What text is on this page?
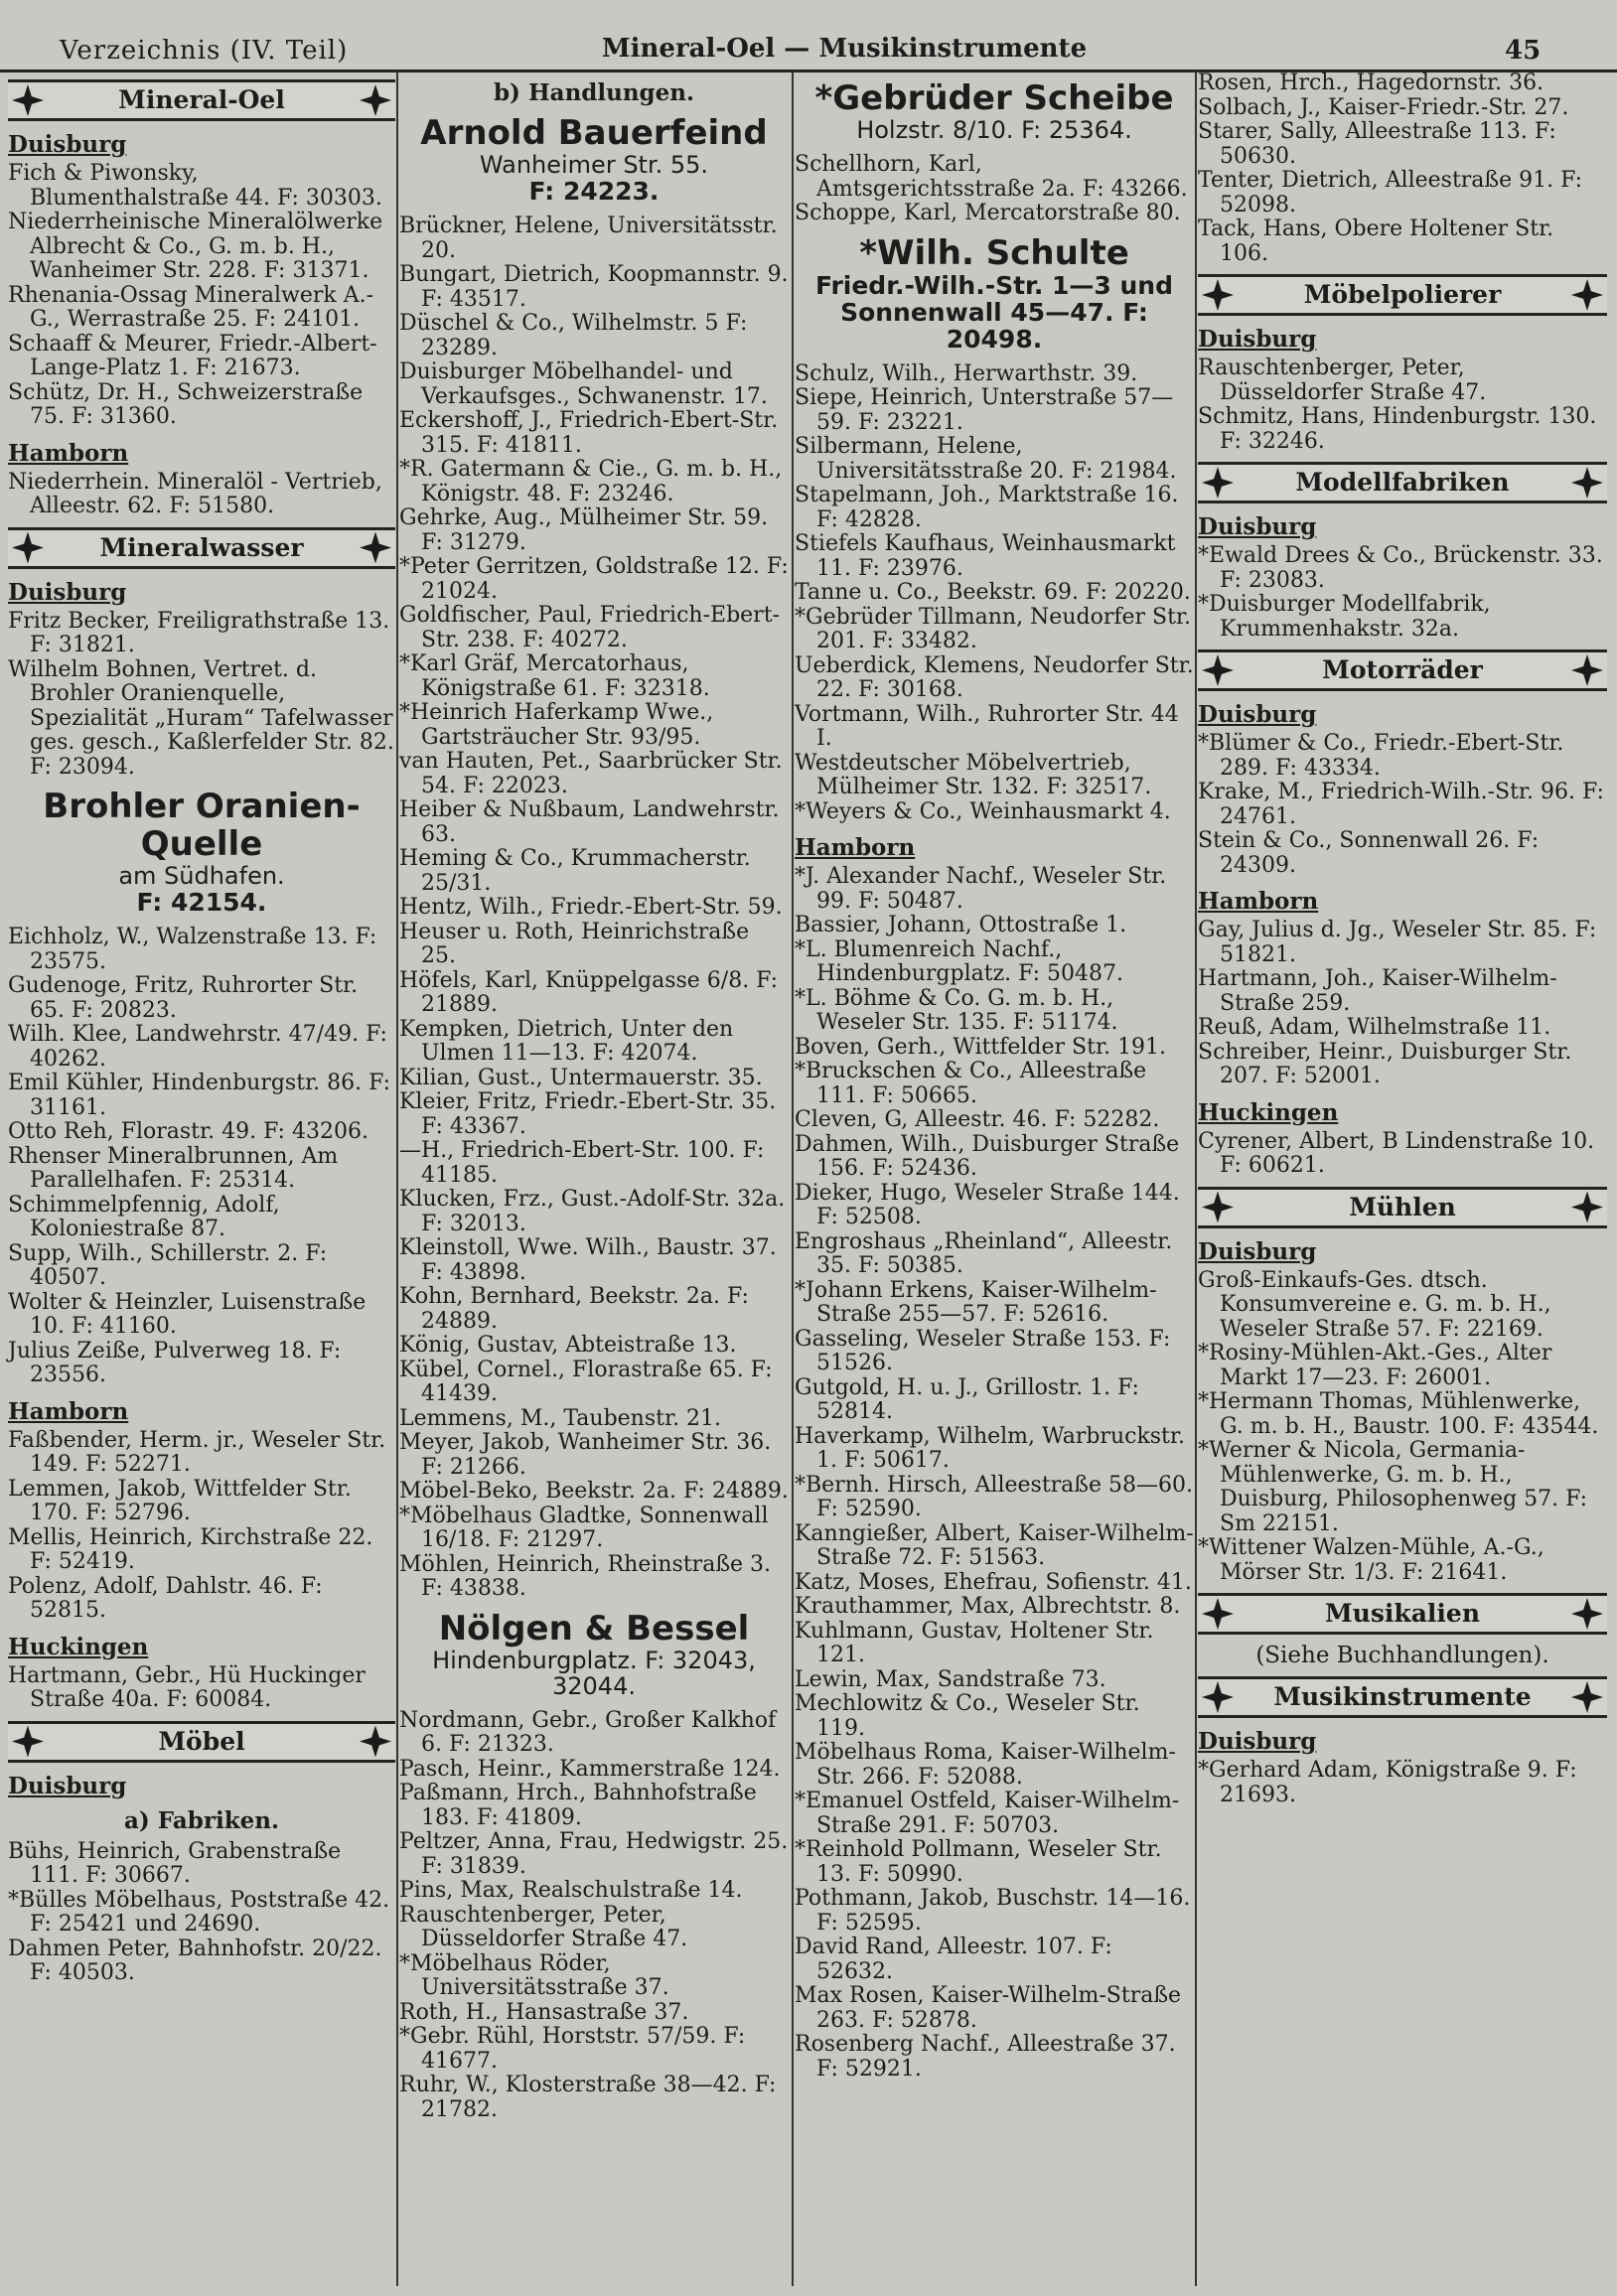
Verzeichnis (IV. Teil)	Mineral-Oel — Musikinstrumente	45
Mineral-Oel
Duisburg
Fich & Piwonsky, Blumenthalstraße 44. F: 30303.
Niederrheinische Mineralölwerke Albrecht & Co., G. m. b. H., Wanheimer Str. 228. F: 31371.
Rhenania-Ossag Mineralwerk A.-G., Werrastraße 25. F: 24101.
Schaaff & Meurer, Friedr.-Albert-Lange-Platz 1. F: 21673.
Schütz, Dr. H., Schweizerstraße 75. F: 31360.
Hamborn
Niederrhein. Mineralöl - Vertrieb, Alleestr. 62. F: 51580.
Mineralwasser
Duisburg
Fritz Becker, Freiligrathstraße 13. F: 31821.
Wilhelm Bohnen, Vertret. d. Brohler Oranienquelle, Spezialität „Huram“ Tafelwasser ges. gesch., Kaßlerfelder Str. 82. F: 23094.
Brohler Oranien-Quelle
am Südhafen.
F: 42154.
Eichholz, W., Walzenstraße 13. F: 23575.
Gudenoge, Fritz, Ruhrorter Str. 65. F: 20823.
Wilh. Klee, Landwehrstr. 47/49. F: 40262.
Emil Kühler, Hindenburgstr. 86. F: 31161.
Otto Reh, Florastr. 49. F: 43206.
Rhenser Mineralbrunnen, Am Parallelhafen. F: 25314.
Schimmelpfennig, Adolf, Koloniestraße 87.
Supp, Wilh., Schillerstr. 2. F: 40507.
Wolter & Heinzler, Luisenstraße 10. F: 41160.
Julius Zeiße, Pulverweg 18. F: 23556.
Hamborn
Faßbender, Herm. jr., Weseler Str. 149. F: 52271.
Lemmen, Jakob, Wittfelder Str. 170. F: 52796.
Mellis, Heinrich, Kirchstraße 22. F: 52419.
Polenz, Adolf, Dahlstr. 46. F: 52815.
Huckingen
Hartmann, Gebr., Hü Huckinger Straße 40a. F: 60084.
Möbel
Duisburg
a) Fabriken.
Bühs, Heinrich, Grabenstraße 111. F: 30667.
*Bülles Möbelhaus, Poststraße 42. F: 25421 und 24690.
Dahmen Peter, Bahnhofstr. 20/22. F: 40503.
b) Handlungen.
Arnold Bauerfeind
Wanheimer Str. 55.
F: 24223.
Brückner, Helene, Universitätsstr. 20.
Bungart, Dietrich, Koopmannstr. 9. F: 43517.
Düschel & Co., Wilhelmstr. 5 F: 23289.
Duisburger Möbelhandel- und Verkaufsges., Schwanenstr. 17.
Eckershoff, J., Friedrich-Ebert-Str. 315. F: 41811.
*R. Gatermann & Cie., G. m. b. H., Königstr. 48. F: 23246.
Gehrke, Aug., Mülheimer Str. 59. F: 31279.
*Peter Gerritzen, Goldstraße 12. F: 21024.
Goldfischer, Paul, Friedrich-Ebert-Str. 238. F: 40272.
*Karl Gräf, Mercatorhaus, Königstraße 61. F: 32318.
*Heinrich Haferkamp Wwe., Gartsträucher Str. 93/95.
van Hauten, Pet., Saarbrücker Str. 54. F: 22023.
Heiber & Nußbaum, Landwehrstr. 63.
Heming & Co., Krummacherstr. 25/31.
Hentz, Wilh., Friedr.-Ebert-Str. 59.
Heuser u. Roth, Heinrichstraße 25.
Höfels, Karl, Knüppelgasse 6/8. F: 21889.
Kempken, Dietrich, Unter den Ulmen 11—13. F: 42074.
Kilian, Gust., Untermauerstr. 35.
Kleier, Fritz, Friedr.-Ebert-Str. 35. F: 43367.
—H., Friedrich-Ebert-Str. 100. F: 41185.
Klucken, Frz., Gust.-Adolf-Str. 32a. F: 32013.
Kleinstoll, Wwe. Wilh., Baustr. 37. F: 43898.
Kohn, Bernhard, Beekstr. 2a. F: 24889.
König, Gustav, Abteistraße 13.
Kübel, Cornel., Florastraße 65. F: 41439.
Lemmens, M., Taubenstr. 21.
Meyer, Jakob, Wanheimer Str. 36. F: 21266.
Möbel-Beko, Beekstr. 2a. F: 24889.
*Möbelhaus Gladtke, Sonnenwall 16/18. F: 21297.
Möhlen, Heinrich, Rheinstraße 3. F: 43838.
Nölgen & Bessel
Hindenburgplatz. F: 32043, 32044.
Nordmann, Gebr., Großer Kalkhof 6. F: 21323.
Pasch, Heinr., Kammerstraße 124.
Paßmann, Hrch., Bahnhofstraße 183. F: 41809.
Peltzer, Anna, Frau, Hedwigstr. 25. F: 31839.
Pins, Max, Realschulstraße 14.
Rauschtenberger, Peter, Düsseldorfer Straße 47.
*Möbelhaus Röder, Universitätsstraße 37.
Roth, H., Hansastraße 37.
*Gebr. Rühl, Horststr. 57/59. F: 41677.
Ruhr, W., Klosterstraße 38—42. F: 21782.
*Gebrüder Scheibe
Holzstr. 8/10. F: 25364.
Schellhorn, Karl, Amtsgerichtsstraße 2a. F: 43266.
Schoppe, Karl, Mercatorstraße 80.
*Wilh. Schulte
Friedr.-Wilh.-Str. 1—3 und
Sonnenwall 45—47. F: 20498.
Schulz, Wilh., Herwarthstr. 39.
Siepe, Heinrich, Unterstraße 57—59. F: 23221.
Silbermann, Helene, Universitätsstraße 20. F: 21984.
Stapelmann, Joh., Marktstraße 16. F: 42828.
Stiefels Kaufhaus, Weinhausmarkt 11. F: 23976.
Tanne u. Co., Beekstr. 69. F: 20220.
*Gebrüder Tillmann, Neudorfer Str. 201. F: 33482.
Ueberdick, Klemens, Neudorfer Str. 22. F: 30168.
Vortmann, Wilh., Ruhrorter Str. 44 I.
Westdeutscher Möbelvertrieb, Mülheimer Str. 132. F: 32517.
*Weyers & Co., Weinhausmarkt 4.
Hamborn
*J. Alexander Nachf., Weseler Str. 99. F: 50487.
Bassier, Johann, Ottostraße 1.
*L. Blumenreich Nachf., Hindenburgplatz. F: 50487.
*L. Böhme & Co. G. m. b. H., Weseler Str. 135. F: 51174.
Boven, Gerh., Wittfelder Str. 191.
*Bruckschen & Co., Alleestraße 111. F: 50665.
Cleven, G, Alleestr. 46. F: 52282.
Dahmen, Wilh., Duisburger Straße 156. F: 52436.
Dieker, Hugo, Weseler Straße 144. F: 52508.
Engroshaus „Rheinland“, Alleestr. 35. F: 50385.
*Johann Erkens, Kaiser-Wilhelm-Straße 255—57. F: 52616.
Gasseling, Weseler Straße 153. F: 51526.
Gutgold, H. u. J., Grillostr. 1. F: 52814.
Haverkamp, Wilhelm, Warbruckstr. 1. F: 50617.
*Bernh. Hirsch, Alleestraße 58—60. F: 52590.
Kanngießer, Albert, Kaiser-Wilhelm-Straße 72. F: 51563.
Katz, Moses, Ehefrau, Sofienstr. 41.
Krauthammer, Max, Albrechtstr. 8.
Kuhlmann, Gustav, Holtener Str. 121.
Lewin, Max, Sandstraße 73.
Mechlowitz & Co., Weseler Str. 119.
Möbelhaus Roma, Kaiser-Wilhelm-Str. 266. F: 52088.
*Emanuel Ostfeld, Kaiser-Wilhelm-Straße 291. F: 50703.
*Reinhold Pollmann, Weseler Str. 13. F: 50990.
Pothmann, Jakob, Buschstr. 14—16. F: 52595.
David Rand, Alleestr. 107. F: 52632.
Max Rosen, Kaiser-Wilhelm-Straße 263. F: 52878.
Rosenberg Nachf., Alleestraße 37. F: 52921.
Rosen, Hrch., Hagedornstr. 36.
Solbach, J., Kaiser-Friedr.-Str. 27.
Starer, Sally, Alleestraße 113. F: 50630.
Tenter, Dietrich, Alleestraße 91. F: 52098.
Tack, Hans, Obere Holtener Str. 106.
Möbelpolierer
Duisburg
Rauschtenberger, Peter, Düsseldorfer Straße 47.
Schmitz, Hans, Hindenburgstr. 130. F: 32246.
Modellfabriken
Duisburg
*Ewald Drees & Co., Brückenstr. 33. F: 23083.
*Duisburger Modellfabrik, Krummenhakstr. 32a.
Motorräder
Duisburg
*Blümer & Co., Friedr.-Ebert-Str. 289. F: 43334.
Krake, M., Friedrich-Wilh.-Str. 96. F: 24761.
Stein & Co., Sonnenwall 26. F: 24309.
Hamborn
Gay, Julius d. Jg., Weseler Str. 85. F: 51821.
Hartmann, Joh., Kaiser-Wilhelm-Straße 259.
Reuß, Adam, Wilhelmstraße 11.
Schreiber, Heinr., Duisburger Str. 207. F: 52001.
Huckingen
Cyrener, Albert, B Lindenstraße 10. F: 60621.
Mühlen
Duisburg
Groß-Einkaufs-Ges. dtsch. Konsumvereine e. G. m. b. H., Weseler Straße 57. F: 22169.
*Rosiny-Mühlen-Akt.-Ges., Alter Markt 17—23. F: 26001.
*Hermann Thomas, Mühlenwerke, G. m. b. H., Baustr. 100. F: 43544.
*Werner & Nicola, Germania-Mühlenwerke, G. m. b. H., Duisburg, Philosophenweg 57. F: Sm 22151.
*Wittener Walzen-Mühle, A.-G., Mörser Str. 1/3. F: 21641.
Musikalien
(Siehe Buchhandlungen).
Musikinstrumente
Duisburg
*Gerhard Adam, Königstraße 9. F: 21693.
